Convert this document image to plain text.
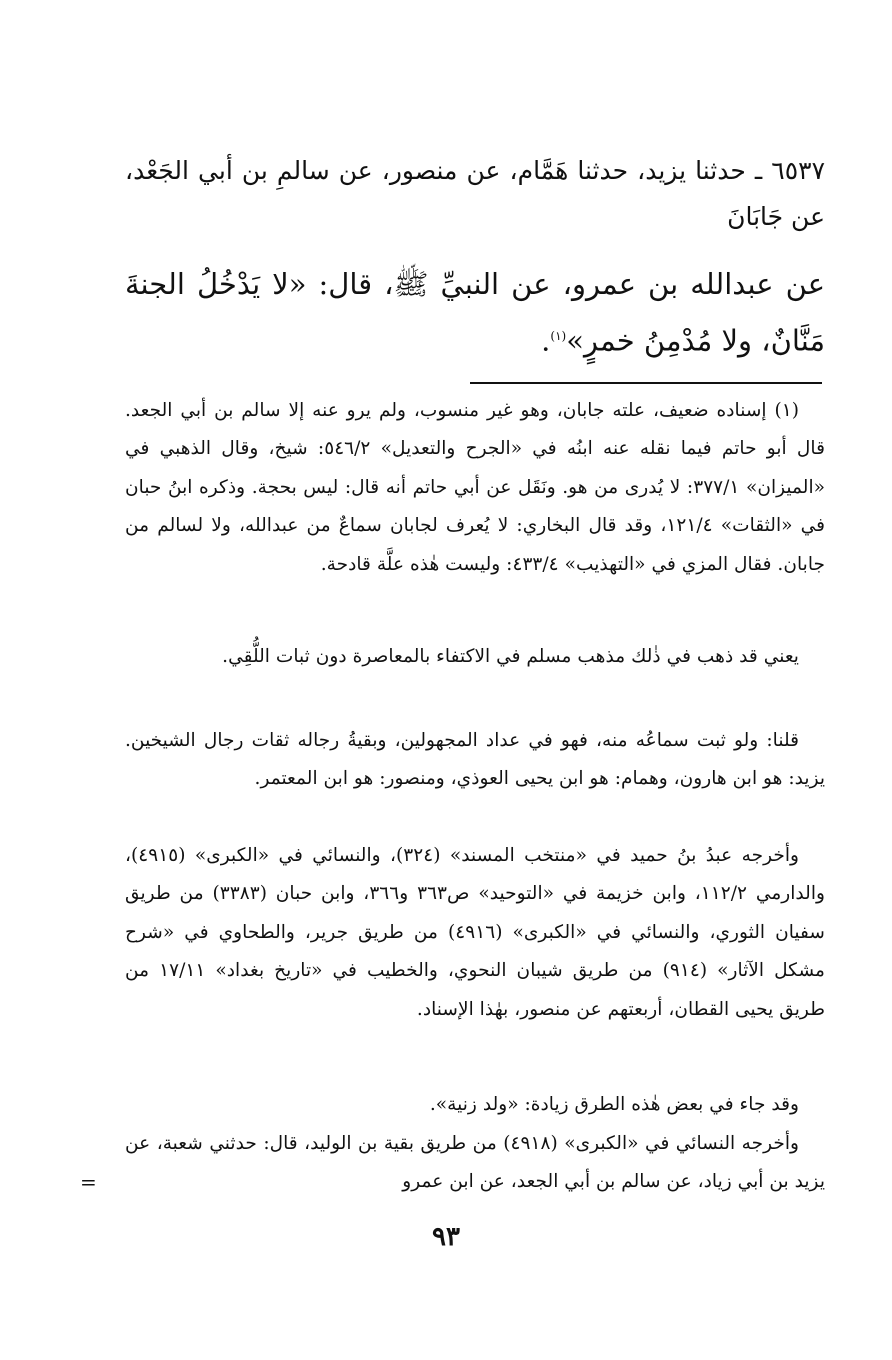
٦٥٣٧ ـ حدثنا يزيد، حدثنا هَمَّام، عن منصور، عن سالمِ بن أبي الجَعْد، عن جَابَانَ
عن عبدالله بن عمرو، عن النبيِّ ﷺ، قال: «لا يَدْخُلُ الجنةَ مَنَّانٌ، ولا مُدْمِنُ خمرٍ»$^{(١)}$.

(١) إسناده ضعيف، علته جابان، وهو غير منسوب، ولم يرو عنه إلا سالم بن أبي الجعد. قال أبو حاتم فيما نقله عنه ابنُه في «الجرح والتعديل» ٥٤٦/٢: شيخ، وقال الذهبي في «الميزان» ٣٧٧/١: لا يُدرى من هو. ونَقَل عن أبي حاتم أنه قال: ليس بحجة. وذكره ابنُ حبان في «الثقات» ١٢١/٤، وقد قال البخاري: لا يُعرف لجابان سماعٌ من عبدالله، ولا لسالم من جابان. فقال المزي في «التهذيب» ٤٣٣/٤: وليست هٰذه علَّة قادحة.

يعني قد ذهب في ذٰلك مذهب مسلم في الاكتفاء بالمعاصرة دون ثبات اللُّقِي.

قلنا: ولو ثبت سماعُه منه، فهو في عداد المجهولين، وبقيةُ رجاله ثقات رجال الشيخين. يزيد: هو ابن هارون، وهمام: هو ابن يحيى العوذي، ومنصور: هو ابن المعتمر.

وأخرجه عبدُ بنُ حميد في «منتخب المسند» (٣٢٤)، والنسائي في «الكبرى» (٤٩١٥)، والدارمي ١١٢/٢، وابن خزيمة في «التوحيد» ص٣٦٣ و٣٦٦، وابن حبان (٣٣٨٣) من طريق سفيان الثوري، والنسائي في «الكبرى» (٤٩١٦) من طريق جرير، والطحاوي في «شرح مشكل الآثار» (٩١٤) من طريق شيبان النحوي، والخطيب في «تاريخ بغداد» ١٧/١١ من طريق يحيى القطان، أربعتهم عن منصور، بهٰذا الإسناد.

وقد جاء في بعض هٰذه الطرق زيادة: «ولد زنية».

وأخرجه النسائي في «الكبرى» (٤٩١٨) من طريق بقية بن الوليد، قال: حدثني شعبة، عن يزيد بن أبي زياد، عن سالم بن أبي الجعد، عن ابن عمرو

=
٩٣
